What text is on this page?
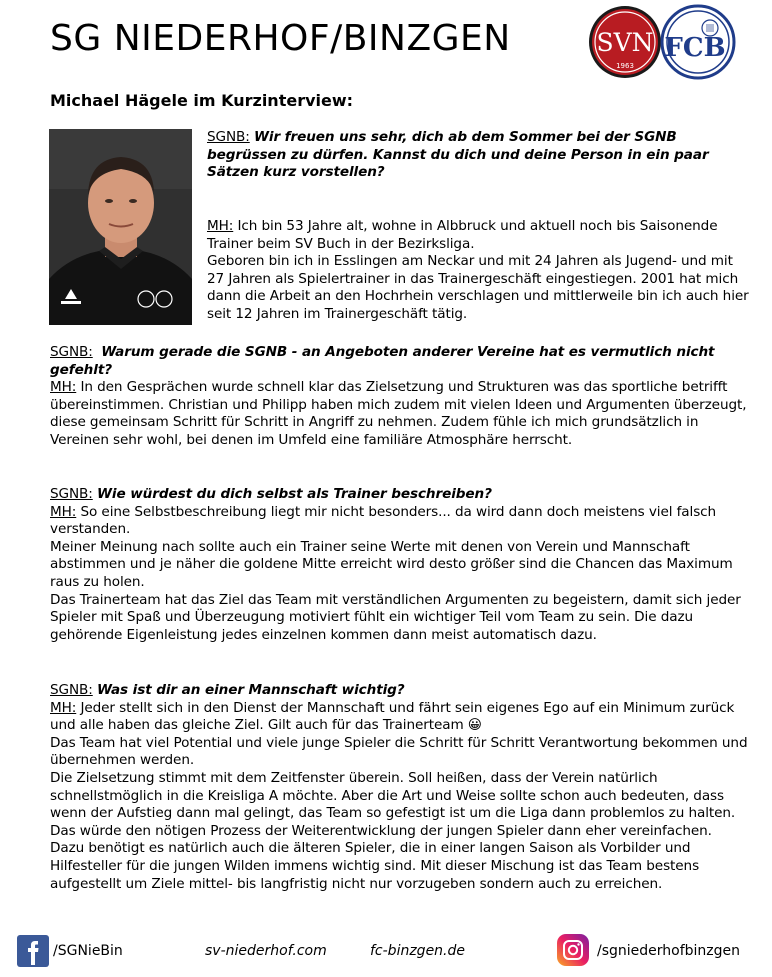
SG NIEDERHOF/BINZGEN	SVN
1963
FCB
Michael Hägele im Kurzinterview:

SGNB: Wir freuen uns sehr, dich ab dem Sommer bei der SGNB begrüssen zu dürfen. Kannst du dich und deine Person in ein paar Sätzen kurz vorstellen?

MH: Ich bin 53 Jahre alt, wohne in Albbruck und aktuell noch bis Saisonende Trainer beim SV Buch in der Bezirksliga.

Geboren bin ich in Esslingen am Neckar und mit 24 Jahren als Jugend- und mit 27 Jahren als Spielertrainer in das Trainergeschäft eingestiegen. 2001 hat mich dann die Arbeit an den Hochrhein verschlagen und mittlerweile bin ich auch hier seit 12 Jahren im Trainergeschäft tätig.

SGNB: Warum gerade die SGNB - an Angeboten anderer Vereine hat es vermutlich nicht gefehlt?

MH: In den Gesprächen wurde schnell klar das Zielsetzung und Strukturen was das sportliche betrifft übereinstimmen. Christian und Philipp haben mich zudem mit vielen Ideen und Argumenten überzeugt, diese gemeinsam Schritt für Schritt in Angriff zu nehmen. Zudem fühle ich mich grundsätzlich in Vereinen sehr wohl, bei denen im Umfeld eine familiäre Atmosphäre herrscht.

SGNB: Wie würdest du dich selbst als Trainer beschreiben?

MH: So eine Selbstbeschreibung liegt mir nicht besonders... da wird dann doch meistens viel falsch verstanden.

Meiner Meinung nach sollte auch ein Trainer seine Werte mit denen von Verein und Mannschaft abstimmen und je näher die goldene Mitte erreicht wird desto größer sind die Chancen das Maximum raus zu holen.

Das Trainerteam hat das Ziel das Team mit verständlichen Argumenten zu begeistern, damit sich jeder Spieler mit Spaß und Überzeugung motiviert fühlt ein wichtiger Teil vom Team zu sein. Die dazu gehörende Eigenleistung jedes einzelnen kommen dann meist automatisch dazu.

SGNB: Was ist dir an einer Mannschaft wichtig?

MH: Jeder stellt sich in den Dienst der Mannschaft und fährt sein eigenes Ego auf ein Minimum zurück und alle haben das gleiche Ziel. Gilt auch für das Trainerteam 😀

Das Team hat viel Potential und viele junge Spieler die Schritt für Schritt Verantwortung bekommen und übernehmen werden.

Die Zielsetzung stimmt mit dem Zeitfenster überein. Soll heißen, dass der Verein natürlich schnellstmöglich in die Kreisliga A möchte. Aber die Art und Weise sollte schon auch bedeuten, dass wenn der Aufstieg dann mal gelingt, das Team so gefestigt ist um die Liga dann problemlos zu halten. Das würde den nötigen Prozess der Weiterentwicklung der jungen Spieler dann eher vereinfachen. Dazu benötigt es natürlich auch die älteren Spieler, die in einer langen Saison als Vorbilder und Hilfesteller für die jungen Wilden immens wichtig sind. Mit dieser Mischung ist das Team bestens aufgestellt um Ziele mittel- bis langfristig nicht nur vorzugeben sondern auch zu erreichen.

/SGNieBin	sv-niederhof.com	fc-binzgen.de	/sgniederhofbinzgen
